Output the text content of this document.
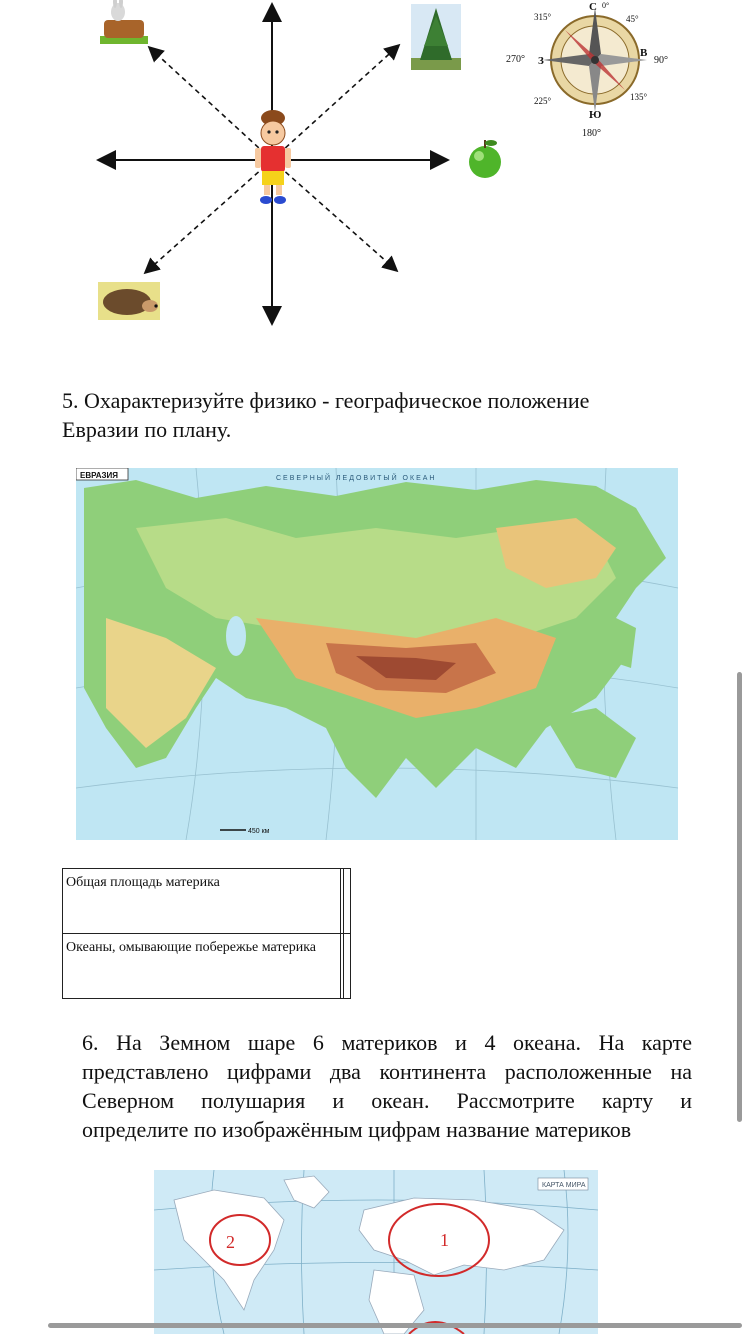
С
В
Ю
З
0°
45°
90°
135°
180°
225°
270°
315°
5. Охарактеризуйте физико - географическое положение
Евразии по плану.
ЕВРАЗИЯ	СЕВЕРНЫЙ ЛЕДОВИТЫЙ ОКЕАН
450 км
Общая площадь материка
Океаны, омывающие побережье материка
6. На Земном шаре 6 материков и 4 океана. На карте
представлено цифрами два континента расположенные на
Северном полушария и океан. Рассмотрите карту и
определите по изображённым цифрам название материков
КАРТА МИРА
2	1
